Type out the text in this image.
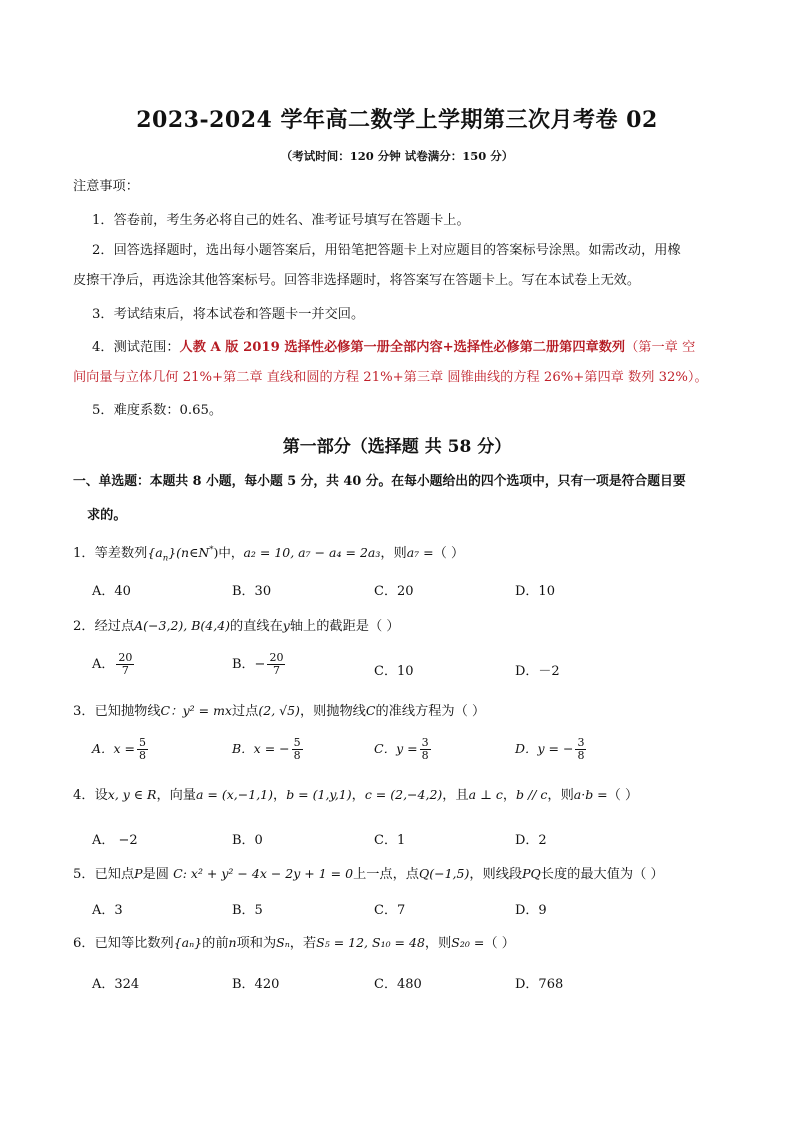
2023-2024 学年高二数学上学期第三次月考卷 02
（考试时间：120 分钟 试卷满分：150 分）
注意事项：
1．答卷前，考生务必将自己的姓名、准考证号填写在答题卡上。
2．回答选择题时，选出每小题答案后，用铅笔把答题卡上对应题目的答案标号涂黑。如需改动，用橡
皮擦干净后，再选涂其他答案标号。回答非选择题时，将答案写在答题卡上。写在本试卷上无效。
3．考试结束后，将本试卷和答题卡一并交回。
4．测试范围：人教 A 版 2019 选择性必修第一册全部内容+选择性必修第二册第四章数列（第一章 空
间向量与立体几何 21%+第二章 直线和圆的方程 21%+第三章 圆锥曲线的方程 26%+第四章 数列 32%）。
5．难度系数：0.65。
第一部分（选择题 共 58 分）
一、单选题：本题共 8 小题，每小题 5 分，共 40 分。在每小题给出的四个选项中，只有一项是符合题目要
求的。
1．等差数列$\{a_n\}(n\in N^*)$中，a₂ = 10, a₇ − a₄ = 2a₃，则a₇ =（ ）
A．40	B．30	C．20	D．10
2．经过点A(−3,2), B(4,4)的直线在y轴上的截距是（ ）
A． $\frac{20}{7}$	B．− $\frac{20}{7}$	C．10	D．－2
3．已知抛物线C：y² = mx过点(2, √5)，则抛物线C的准线方程为（ ）
A．$x = \frac{5}{8}$	B．x = − $\frac{5}{8}$	C．$y = \frac{3}{8}$	D．y = − $\frac{3}{8}$
4．设x, y ∈ R，向量a = (x,−1,1)，b = (1,y,1)，c = (2,−4,2)，且a ⊥ c，b // c，则a·b =（ ）
A． −2	B．0	C．1	D．2
5．已知点P是圆 C: x² + y² − 4x − 2y + 1 = 0上一点，点Q(−1,5)，则线段PQ长度的最大值为（ ）
A．3	B．5	C．7	D．9
6．已知等比数列{aₙ}的前n项和为Sₙ，若S₅ = 12, S₁₀ = 48，则S₂₀ =（ ）
A．324	B．420	C．480	D．768
